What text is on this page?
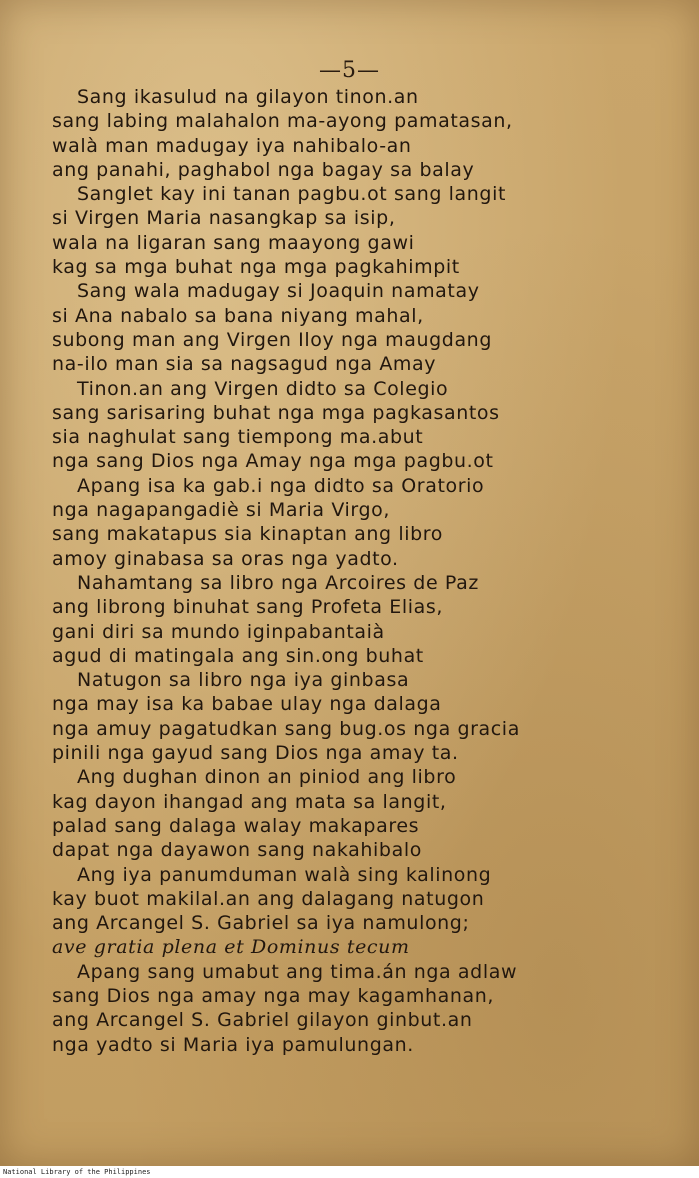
—5—
Sang ikasulud na gilayon tinon.an
sang labing malahalon ma-ayong pamatasan,
walà man madugay iya nahibalo-an
ang panahi, paghabol nga bagay sa balay
Sanglet kay ini tanan pagbu.ot sang langit
si Virgen Maria nasangkap sa isip,
wala na ligaran sang maayong gawi
kag sa mga buhat nga mga pagkahimpit
Sang wala madugay si Joaquin namatay
si Ana nabalo sa bana niyang mahal,
subong man ang Virgen Iloy nga maugdang
na-ilo man sia sa nagsagud nga Amay
Tinon.an ang Virgen didto sa Colegio
sang sarisaring buhat nga mga pagkasantos
sia naghulat sang tiempong ma.abut
nga sang Dios nga Amay nga mga pagbu.ot
Apang isa ka gab.i nga didto sa Oratorio
nga nagapangadiè si Maria Virgo,
sang makatapus sia kinaptan ang libro
amoy ginabasa sa oras nga yadto.
Nahamtang sa libro nga Arcoires de Paz
ang librong binuhat sang Profeta Elias,
gani diri sa mundo iginpabantaià
agud di matingala ang sin.ong buhat
Natugon sa libro nga iya ginbasa
nga may isa ka babae ulay nga dalaga
nga amuy pagatudkan sang bug.os nga gracia
pinili nga gayud sang Dios nga amay ta.
Ang dughan dinon an piniod ang libro
kag dayon ihangad ang mata sa langit,
palad sang dalaga walay makapares
dapat nga dayawon sang nakahibalo
Ang iya panumduman walà sing kalinong
kay buot makilal.an ang dalagang natugon
ang Arcangel S. Gabriel sa iya namulong;
ave gratia plena et Dominus tecum
Apang sang umabut ang tima.án nga adlaw
sang Dios nga amay nga may kagamhanan,
ang Arcangel S. Gabriel gilayon ginbut.an
nga yadto si Maria iya pamulungan.
National Library of the Philippines
